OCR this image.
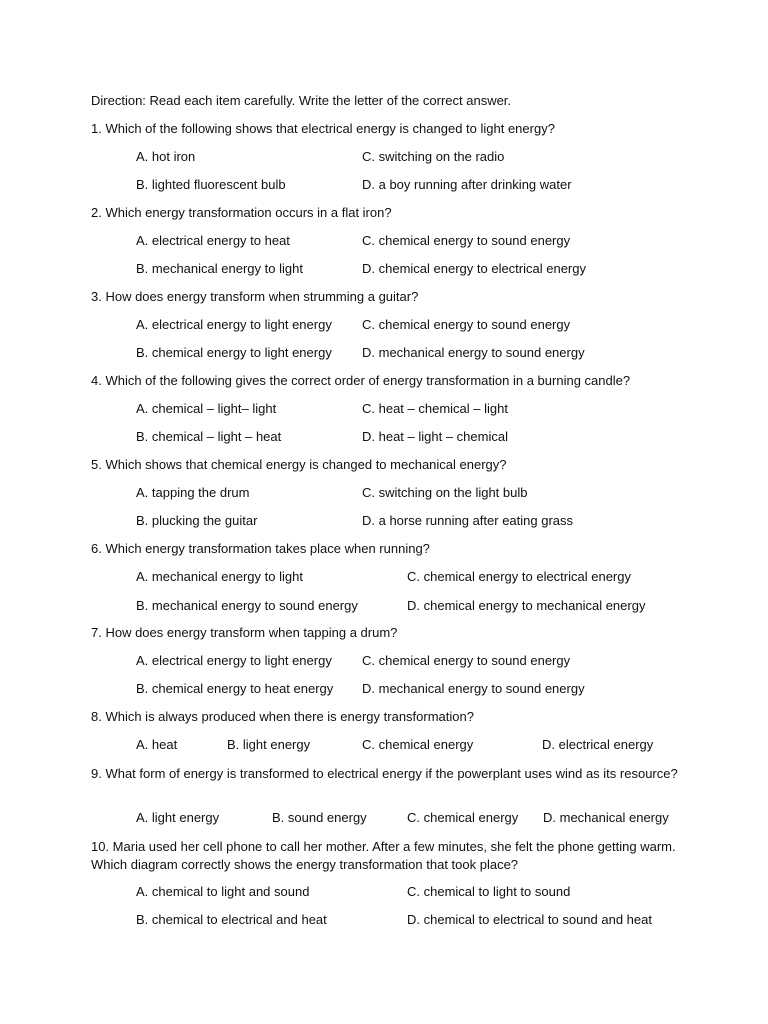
Direction: Read each item carefully. Write the letter of the correct answer.
1. Which of the following shows that electrical energy is changed to light energy?
A. hot iron	C. switching on the radio
B. lighted fluorescent bulb	D. a boy running after drinking water
2. Which energy transformation occurs in a flat iron?
A. electrical energy to heat	C. chemical energy to sound energy
B. mechanical energy to light	D. chemical energy to electrical energy
3. How does energy transform when strumming a guitar?
A. electrical energy to light energy C. chemical energy to sound energy
B. chemical energy to light energy D. mechanical energy to sound energy
4. Which of the following gives the correct order of energy transformation in a burning candle?
A. chemical – light– light	C. heat – chemical – light
B. chemical – light – heat	D. heat – light – chemical
5. Which shows that chemical energy is changed to mechanical energy?
A. tapping the drum	C. switching on the light bulb
B. plucking the guitar	D. a horse running after eating grass
6. Which energy transformation takes place when running?
A. mechanical energy to light	C. chemical energy to electrical energy
B. mechanical energy to sound energy	D. chemical energy to mechanical energy
7. How does energy transform when tapping a drum?
A. electrical energy to light energy C. chemical energy to sound energy
B. chemical energy to heat energy D. mechanical energy to sound energy
8. Which is always produced when there is energy transformation?
A. heat	B. light energy	C. chemical energy	D. electrical energy
9. What form of energy is transformed to electrical energy if the powerplant uses wind as its resource?
A. light energy	B. sound energy	C. chemical energy D. mechanical energy
10. Maria used her cell phone to call her mother. After a few minutes, she felt the phone getting warm. Which diagram correctly shows the energy transformation that took place?
A. chemical to light and sound	C. chemical to light to sound
B. chemical to electrical and heat	D. chemical to electrical to sound and heat
